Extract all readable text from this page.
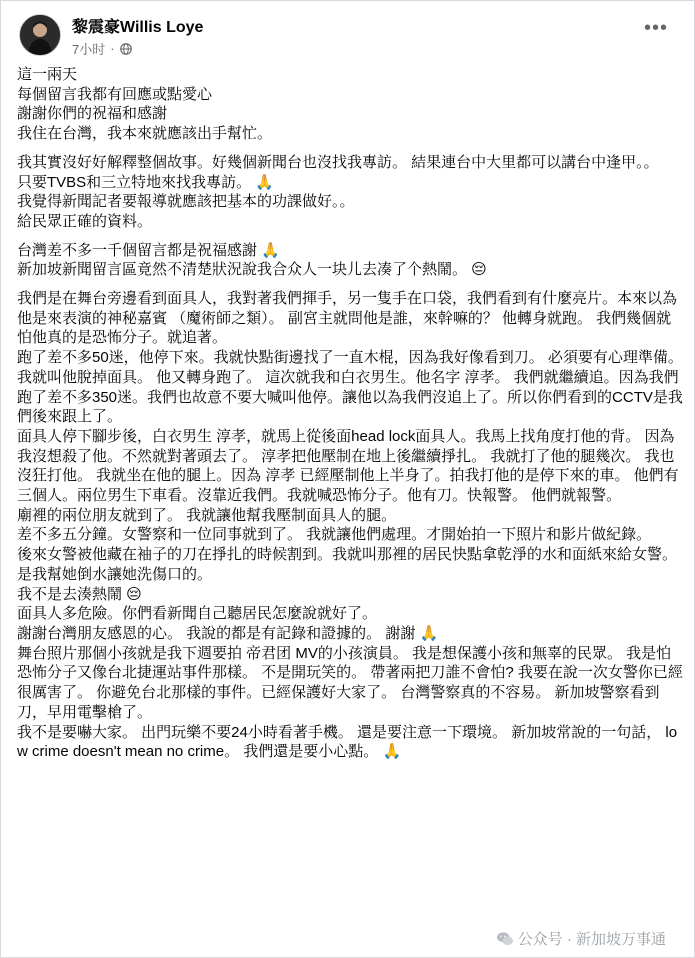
黎震豪Willis Loye
7小时 ·
•••
這一兩天
每個留言我都有回應或點愛心
謝謝你們的祝福和感謝
我住在台灣，我本來就應該出手幫忙。
我其實沒好好解釋整個故事。好幾個新聞台也沒找我專訪。 結果連台中大里都可以講台中逢甲。。
只要TVBS和三立特地來找我專訪。 🙏
我覺得新聞記者要報導就應該把基本的功課做好。。
給民眾正確的資料。
台灣差不多一千個留言都是祝福感謝 🙏
新加坡新聞留言區竟然不清楚狀況說我合众人一块儿去凑了个熱鬧。 😔
我們是在舞台旁邊看到面具人，我對著我們揮手，另一隻手在口袋，我們看到有什麼亮片。本來以為他是來表演的神秘嘉賓 （魔術師之類）。 副宮主就問他是誰，來幹嘛的？ 他轉身就跑。 我們幾個就怕他真的是恐怖分子。就追著。
跑了差不多50迷，他停下來。我就快點街邊找了一直木棍，因為我好像看到刀。 必須要有心理準備。
我就叫他脫掉面具。 他又轉身跑了。 這次就我和白衣男生。他名字 淳孝。 我們就繼續追。因為我們跑了差不多350迷。我們也故意不要大喊叫他停。讓他以為我們沒追上了。所以你們看到的CCTV是我們後來跟上了。
面具人停下腳步後，白衣男生 淳孝，就馬上從後面head lock面具人。我馬上找角度打他的背。 因為我沒想殺了他。不然就對著頭去了。 淳孝把他壓制在地上後繼續掙扎。 我就打了他的腿幾次。 我也沒狂打他。 我就坐在他的腿上。因為 淳孝 已經壓制他上半身了。拍我打他的是停下來的車。 他們有三個人。兩位男生下車看。沒靠近我們。我就喊恐怖分子。他有刀。快報警。 他們就報警。
廟裡的兩位朋友就到了。 我就讓他幫我壓制面具人的腿。
差不多五分鐘。女警察和一位同事就到了。 我就讓他們處理。才開始拍一下照片和影片做紀錄。
後來女警被他藏在袖子的刀在掙扎的時候割到。我就叫那裡的居民快點拿乾淨的水和面紙來給女警。 是我幫她倒水讓她洗傷口的。
我不是去湊熱鬧 😔
面具人多危險。你們看新聞自己聽居民怎麼說就好了。
謝謝台灣朋友感恩的心。 我說的都是有記錄和證據的。 謝謝 🙏
舞台照片那個小孩就是我下週要拍 帝君团 MV的小孩演員。 我是想保護小孩和無辜的民眾。 我是怕恐怖分子又像台北捷運站事件那樣。 不是開玩笑的。 帶著兩把刀誰不會怕? 我要在說一次女警你已經很厲害了。 你避免台北那樣的事件。已經保護好大家了。 台灣警察真的不容易。 新加坡警察看到刀，早用電擊槍了。
我不是要嚇大家。 出門玩樂不要24小時看著手機。 還是要注意一下環境。 新加坡常說的一句話， low crime doesn't mean no crime。 我們還是要小心點。 🙏
公众号 · 新加坡万事通
